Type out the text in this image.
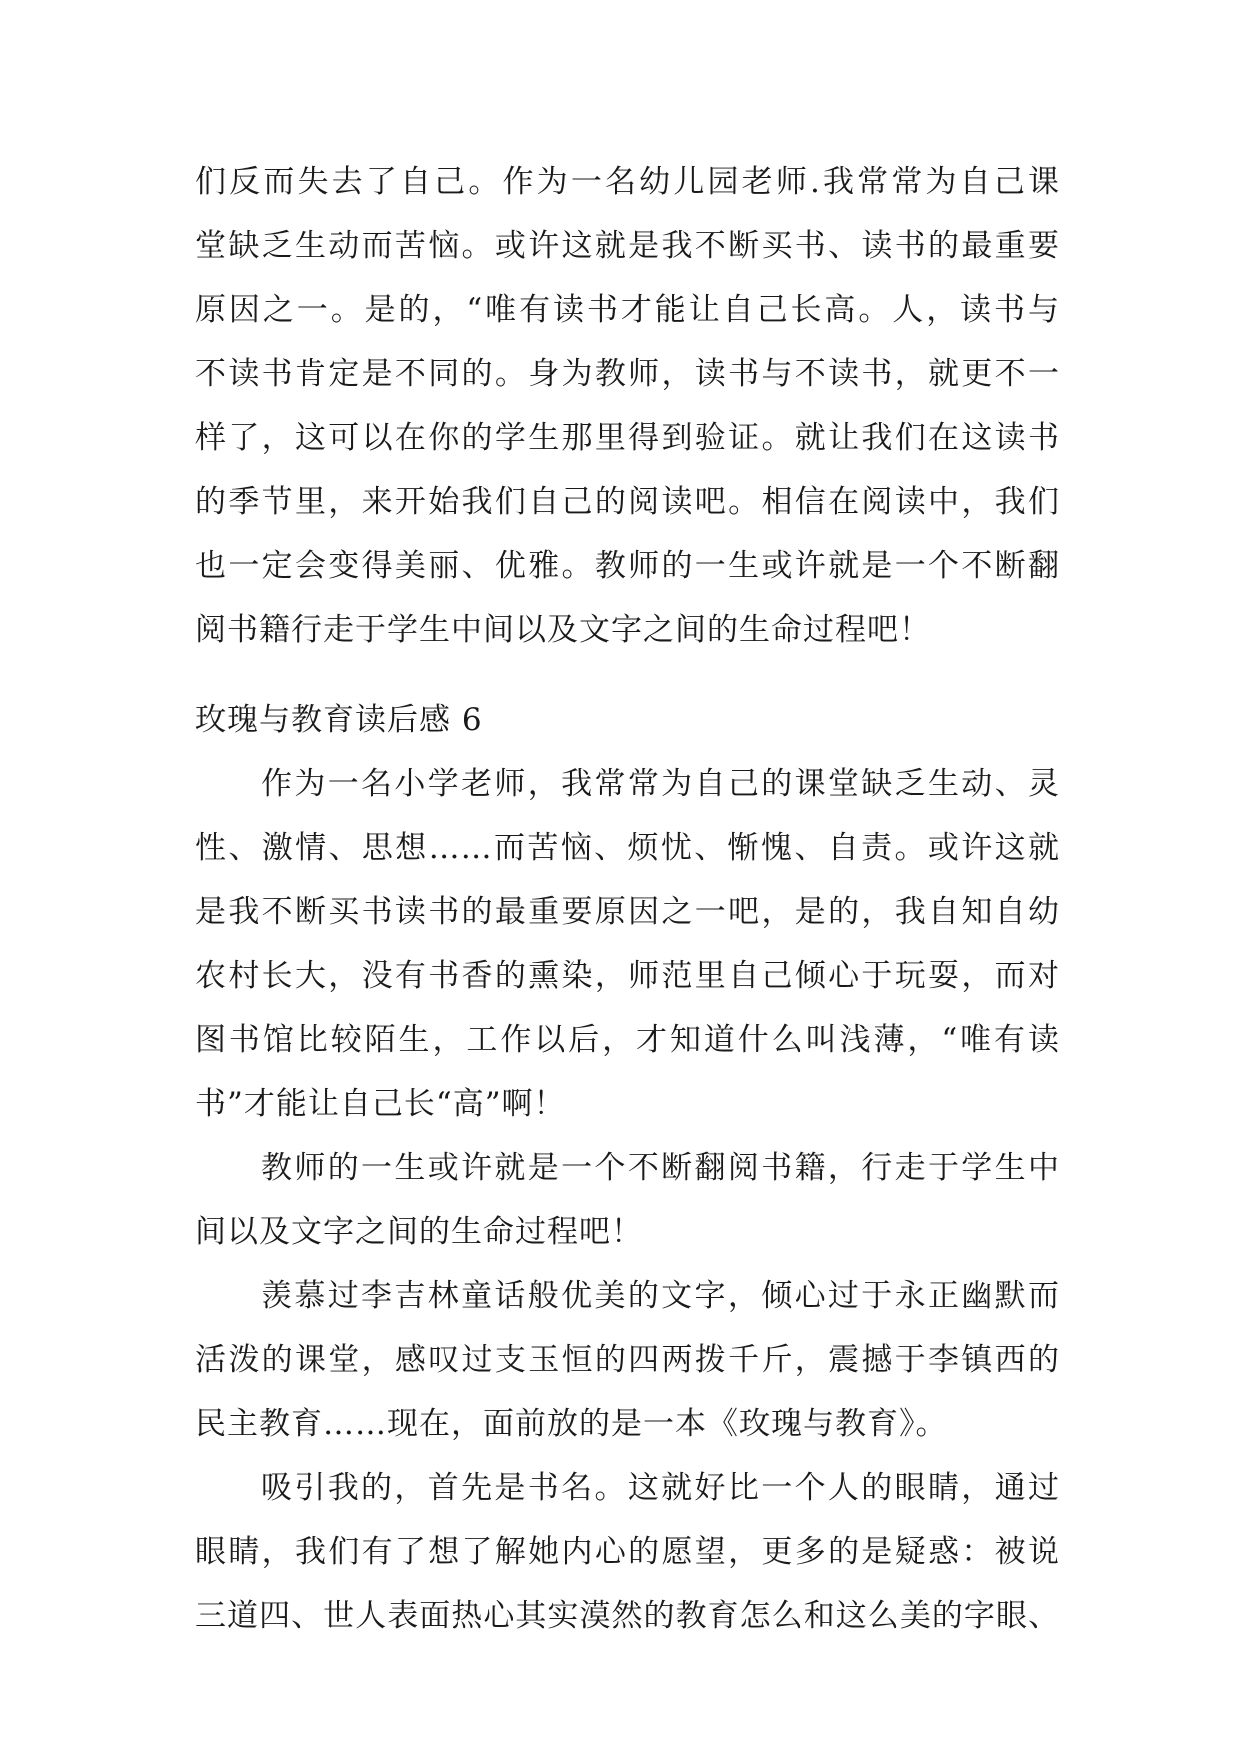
们反而失去了自己。作为一名幼儿园老师.我常常为自己课
堂缺乏生动而苦恼。或许这就是我不断买书、读书的最重要
原因之一。是的，“唯有读书才能让自己长高。人，读书与
不读书肯定是不同的。身为教师，读书与不读书，就更不一
样了，这可以在你的学生那里得到验证。就让我们在这读书
的季节里，来开始我们自己的阅读吧。相信在阅读中，我们
也一定会变得美丽、优雅。教师的一生或许就是一个不断翻
阅书籍行走于学生中间以及文字之间的生命过程吧！
玫瑰与教育读后感 6
作为一名小学老师，我常常为自己的课堂缺乏生动、灵
性、激情、思想……而苦恼、烦忧、惭愧、自责。或许这就
是我不断买书读书的最重要原因之一吧，是的，我自知自幼
农村长大，没有书香的熏染，师范里自己倾心于玩耍，而对
图书馆比较陌生，工作以后，才知道什么叫浅薄，“唯有读
书”才能让自己长“高”啊！
教师的一生或许就是一个不断翻阅书籍，行走于学生中
间以及文字之间的生命过程吧！
羡慕过李吉林童话般优美的文字，倾心过于永正幽默而
活泼的课堂，感叹过支玉恒的四两拨千斤，震撼于李镇西的
民主教育……现在，面前放的是一本《玫瑰与教育》。
吸引我的，首先是书名。这就好比一个人的眼睛，通过
眼睛，我们有了想了解她内心的愿望，更多的是疑惑：被说
三道四、世人表面热心其实漠然的教育怎么和这么美的字眼、
